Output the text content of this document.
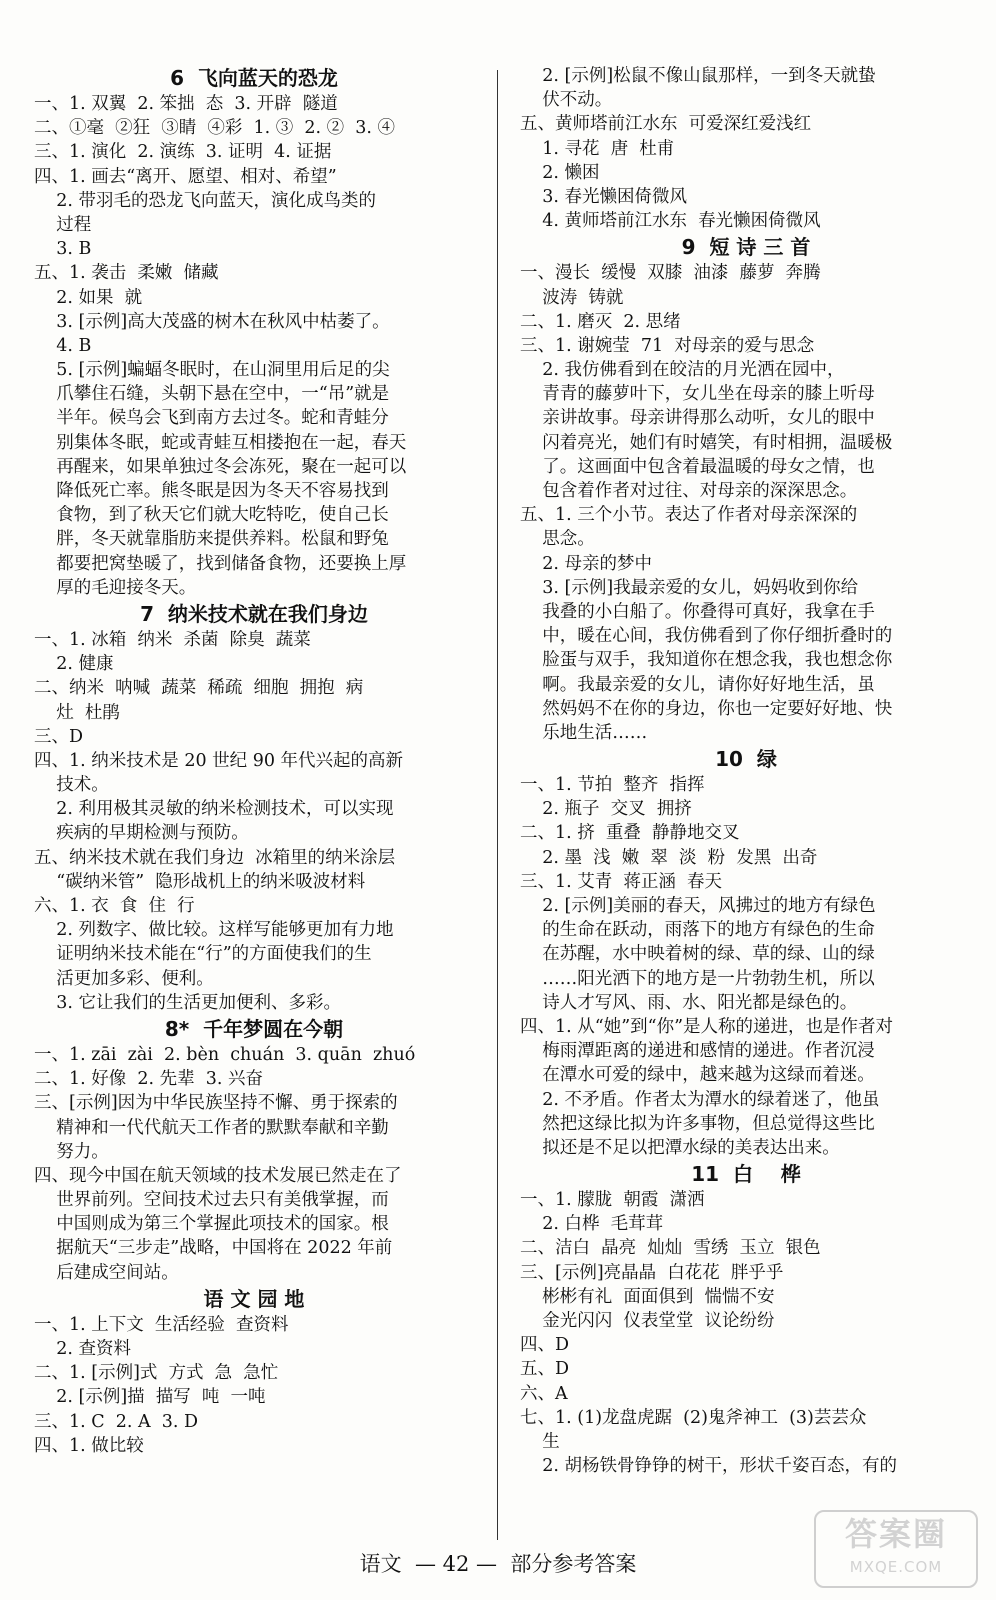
6  飞向蓝天的恐龙
一、1. 双翼  2. 笨拙  态  3. 开辟  隧道
二、①毫  ②狂  ③睛  ④彩  1. ③  2. ②  3. ④
三、1. 演化  2. 演练  3. 证明  4. 证据
四、1. 画去“离开、愿望、相对、希望”
2. 带羽毛的恐龙飞向蓝天，演化成鸟类的
过程
3. B
五、1. 袭击  柔嫩  储藏
2. 如果  就
3. [示例]高大茂盛的树木在秋风中枯萎了。
4. B
5. [示例]蝙蝠冬眠时，在山洞里用后足的尖
爪攀住石缝，头朝下悬在空中，一“吊”就是
半年。候鸟会飞到南方去过冬。蛇和青蛙分
别集体冬眠，蛇或青蛙互相搂抱在一起，春天
再醒来，如果单独过冬会冻死，聚在一起可以
降低死亡率。熊冬眠是因为冬天不容易找到
食物，到了秋天它们就大吃特吃，使自己长
胖，冬天就靠脂肪来提供养料。松鼠和野兔
都要把窝垫暖了，找到储备食物，还要换上厚
厚的毛迎接冬天。
7  纳米技术就在我们身边
一、1. 冰箱  纳米  杀菌  除臭  蔬菜
2. 健康
二、纳米  呐喊  蔬菜  稀疏  细胞  拥抱  病
灶  杜鹃
三、D
四、1. 纳米技术是 20 世纪 90 年代兴起的高新
技术。
2. 利用极其灵敏的纳米检测技术，可以实现
疾病的早期检测与预防。
五、纳米技术就在我们身边  冰箱里的纳米涂层
“碳纳米管”  隐形战机上的纳米吸波材料
六、1. 衣  食  住  行
2. 列数字、做比较。这样写能够更加有力地
证明纳米技术能在“行”的方面使我们的生
活更加多彩、便利。
3. 它让我们的生活更加便利、多彩。
8*  千年梦圆在今朝
一、1. zāi  zài  2. bèn  chuán  3. quān  zhuó
二、1. 好像  2. 先辈  3. 兴奋
三、[示例]因为中华民族坚持不懈、勇于探索的
精神和一代代航天工作者的默默奉献和辛勤
努力。
四、现今中国在航天领域的技术发展已然走在了
世界前列。空间技术过去只有美俄掌握，而
中国则成为第三个掌握此项技术的国家。根
据航天“三步走”战略，中国将在 2022 年前
后建成空间站。
语 文 园 地
一、1. 上下文  生活经验  查资料
2. 查资料
二、1. [示例]式  方式  急  急忙
2. [示例]描  描写  吨  一吨
三、1. C  2. A  3. D
四、1. 做比较
2. [示例]松鼠不像山鼠那样，一到冬天就蛰
伏不动。
五、黄师塔前江水东  可爱深红爱浅红
1. 寻花  唐  杜甫
2. 懒困
3. 春光懒困倚微风
4. 黄师塔前江水东  春光懒困倚微风
9  短 诗 三 首
一、漫长  缓慢  双膝  油漆  藤萝  奔腾
波涛  铸就
二、1. 磨灭  2. 思绪
三、1. 谢婉莹  71  对母亲的爱与思念
2. 我仿佛看到在皎洁的月光洒在园中，
青青的藤萝叶下，女儿坐在母亲的膝上听母
亲讲故事。母亲讲得那么动听，女儿的眼中
闪着亮光，她们有时嬉笑，有时相拥，温暖极
了。这画面中包含着最温暖的母女之情，也
包含着作者对过往、对母亲的深深思念。
五、1. 三个小节。表达了作者对母亲深深的
思念。
2. 母亲的梦中
3. [示例]我最亲爱的女儿，妈妈收到你给
我叠的小白船了。你叠得可真好，我拿在手
中，暖在心间，我仿佛看到了你仔细折叠时的
脸蛋与双手，我知道你在想念我，我也想念你
啊。我最亲爱的女儿，请你好好地生活，虽
然妈妈不在你的身边，你也一定要好好地、快
乐地生活……
10  绿
一、1. 节拍  整齐  指挥
2. 瓶子  交叉  拥挤
二、1. 挤  重叠  静静地交叉
2. 墨  浅  嫩  翠  淡  粉  发黑  出奇
三、1. 艾青  蒋正涵  春天
2. [示例]美丽的春天，风拂过的地方有绿色
的生命在跃动，雨落下的地方有绿色的生命
在苏醒，水中映着树的绿、草的绿、山的绿
……阳光洒下的地方是一片勃勃生机，所以
诗人才写风、雨、水、阳光都是绿色的。
四、1. 从“她”到“你”是人称的递进，也是作者对
梅雨潭距离的递进和感情的递进。作者沉浸
在潭水可爱的绿中，越来越为这绿而着迷。
2. 不矛盾。作者太为潭水的绿着迷了，他虽
然把这绿比拟为许多事物，但总觉得这些比
拟还是不足以把潭水绿的美表达出来。
11  白    桦
一、1. 朦胧  朝霞  潇洒
2. 白桦  毛茸茸
二、洁白  晶亮  灿灿  雪绣  玉立  银色
三、[示例]亮晶晶  白花花  胖乎乎
彬彬有礼  面面俱到  惴惴不安
金光闪闪  仪表堂堂  议论纷纷
四、D
五、D
六、A
七、1. (1)龙盘虎踞  (2)鬼斧神工  (3)芸芸众
生
2. 胡杨铁骨铮铮的树干，形状千姿百态，有的
语文  — 42 —  部分参考答案
答案圈
MXQE.COM
